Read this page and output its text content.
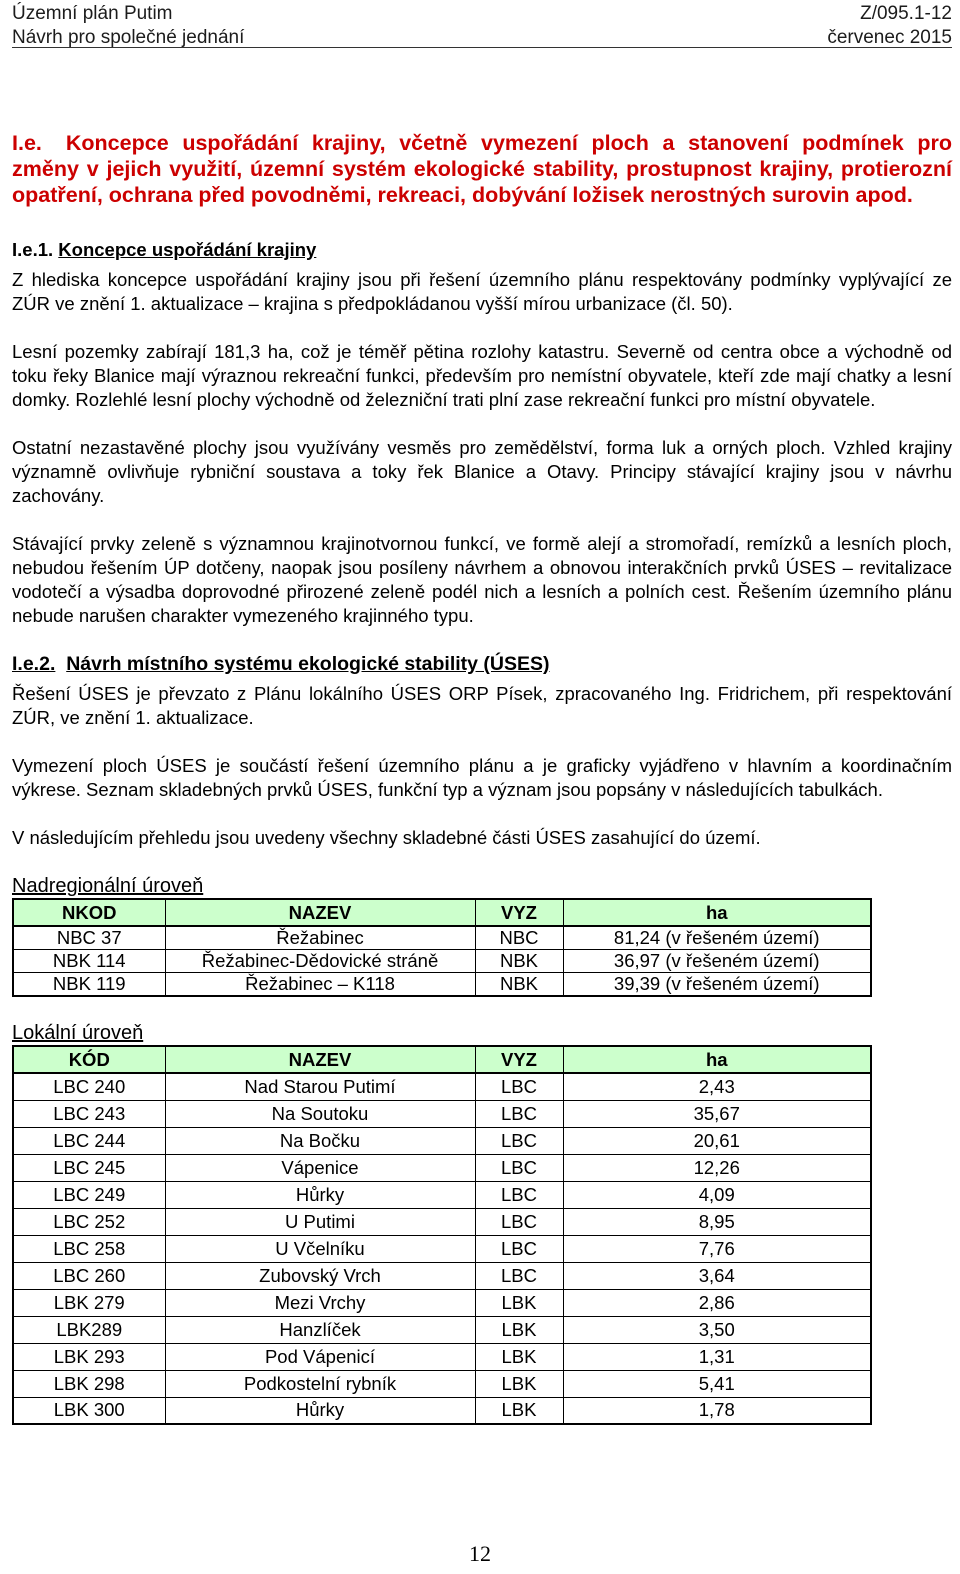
Územní plán Putim	Z/095.1-12
Návrh pro společné jednání	červenec 2015
I.e. Koncepce uspořádání krajiny, včetně vymezení ploch a stanovení podmínek pro změny v jejich využití, územní systém ekologické stability, prostupnost krajiny, protierozní opatření, ochrana před povodněmi, rekreaci, dobývání ložisek nerostných surovin apod.
I.e.1. Koncepce uspořádání krajiny

Z hlediska koncepce uspořádání krajiny jsou při řešení územního plánu respektovány podmínky vyplývající ze ZÚR ve znění 1. aktualizace – krajina s předpokládanou vyšší mírou urbanizace (čl. 50).

Lesní pozemky zabírají 181,3 ha, což je téměř pětina rozlohy katastru. Severně od centra obce a východně od toku řeky Blanice mají výraznou rekreační funkci, především pro nemístní obyvatele, kteří zde mají chatky a lesní domky. Rozlehlé lesní plochy východně od železniční trati plní zase rekreační funkci pro místní obyvatele.

Ostatní nezastavěné plochy jsou využívány vesměs pro zemědělství, forma luk a orných ploch. Vzhled krajiny významně ovlivňuje rybniční soustava a toky řek Blanice a Otavy. Principy stávající krajiny jsou v návrhu zachovány.

Stávající prvky zeleně s významnou krajinotvornou funkcí, ve formě alejí a stromořadí, remízků a lesních ploch, nebudou řešením ÚP dotčeny, naopak jsou posíleny návrhem a obnovou interakčních prvků ÚSES – revitalizace vodotečí a výsadba doprovodné přirozené zeleně podél nich a lesních a polních cest. Řešením územního plánu nebude narušen charakter vymezeného krajinného typu.

I.e.2. Návrh místního systému ekologické stability (ÚSES)

Řešení ÚSES je převzato z Plánu lokálního ÚSES ORP Písek, zpracovaného Ing. Fridrichem, při respektování ZÚR, ve znění 1. aktualizace.

Vymezení ploch ÚSES je součástí řešení územního plánu a je graficky vyjádřeno v hlavním a koordinačním výkrese. Seznam skladebných prvků ÚSES, funkční typ a význam jsou popsány v následujících tabulkách.

V následujícím přehledu jsou uvedeny všechny skladebné části ÚSES zasahující do území.

Nadregionální úroveň
NKOD	NAZEV	VYZ	ha
NBC 37	Řežabinec	NBC	81,24 (v řešeném území)
NBK 114	Řežabinec-Dědovické stráně	NBK	36,97 (v řešeném území)
NBK 119	Řežabinec – K118	NBK	39,39 (v řešeném území)
Lokální úroveň
KÓD	NAZEV	VYZ	ha
LBC 240	Nad Starou Putimí	LBC	2,43
LBC 243	Na Soutoku	LBC	35,67
LBC 244	Na Bočku	LBC	20,61
LBC 245	Vápenice	LBC	12,26
LBC 249	Hůrky	LBC	4,09
LBC 252	U Putimi	LBC	8,95
LBC 258	U Včelníku	LBC	7,76
LBC 260	Zubovský Vrch	LBC	3,64
LBK 279	Mezi Vrchy	LBK	2,86
LBK289	Hanzlíček	LBK	3,50
LBK 293	Pod Vápenicí	LBK	1,31
LBK 298	Podkostelní rybník	LBK	5,41
LBK 300	Hůrky	LBK	1,78
12
